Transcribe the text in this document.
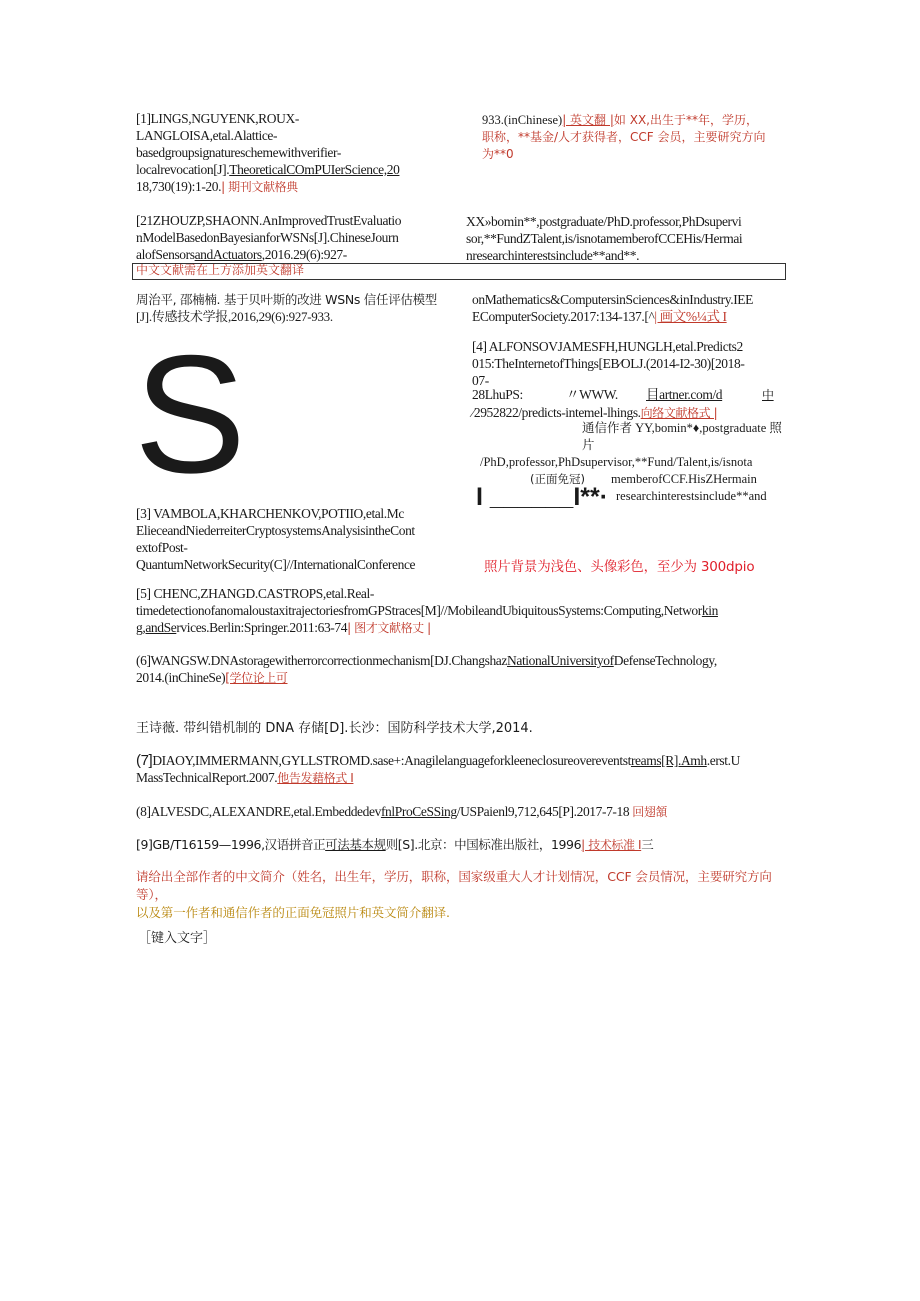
[1]LINGS,NGUYENK,ROUX-
LANGLOISA,etal.Alattice-
basedgroupsignatureschemewithverifier-
localrevocation[J].TheoreticalCOmPUIerScience,20
18,730(19):1-20.| 期刊文献格典
[21ZHOUZP,SHAONN.AnImprovedTrustEvaluatio
nModelBasedonBayesianforWSNs[J].ChineseJourn
alofSensorsandActuators,2016.29(6):927-
中文文献需在上方添加英文翻译
周治平, 邵楠楠. 基于贝叶斯的改进 WSNs 信任评估模型
[J].传感技术学报,2016,29(6):927-933.
S
[3] VAMBOLA,KHARCHENKOV,POTIIO,etal.Mc
ElieceandNiederreiterCryptosystemsAnalysisintheCont
extofPost-
QuantumNetworkSecurity(C]//InternationalConference
933.(inChinese)| 英文翻 |如 XX,出生于**年，学历，
职称，**基金/人才获得者，CCF 会员，主要研究方向
为**0
XX»bomin**,postgraduate/PhD.professor,PhDsupervi
sor,**FundZTalent,is/isnotamemberofCCEHis/Hermai
nresearchinterestsinclude**and**.
onMathematics&ComputersinSciences&inIndustry.IEE
EComputerSociety.2017:134-137.[^| 画文%¼式 I
[4] ALFONSOVJAMESFH,HUNGLH,etal.Predicts2
015:TheInternetofThings[EB∕OLJ.(2014-I2-30)[2018-
07-
28LhuPS:	〃WWW. 目artner.com/d	中
∕2952822/predicts-intemel-lhings.向络文献格式 |
通信作者 YY,bomin*♦,postgraduate 照片
/PhD,professor,PhDsupervisor,**Fund/Talent,is/isnota
(正面免冠) memberofCCF.HisZHermain
researchinterestsinclude**and
I ______I**·
照片背景为浅色、头像彩色，至少为 300dpio
[5] CHENC,ZHANGD.CASTROPS,etal.Real-
timedetectionofanomaloustaxitrajectoriesfromGPStraces[M]//MobileandUbiquitousSystems:Computing,Networkin
g,andServices.Berlin:Springer.2011:63-74| 图才文献格丈 |
(6]WANGSW.DNAstoragewitherrorcorrectionmechanism[DJ.ChangshazNationalUniversityofDefenseTechnology,
2014.(inChineSe)[学位论上可
王诗薇. 带纠错机制的 DNA 存储[D].长沙：国防科学技术大学,2014.
(7]DIAOY,IMMERMANN,GYLLSTROMD.sase+:Anagilelanguageforkleeneclosureovereventstreams[R].Amh.erst.U
MassTechnicalReport.2007.他告发藉格式 I
(8]ALVESDC,ALEXANDRE,etal.EmbeddedevfnlProCeSSing/USPaienl9,712,645[P].2017-7-18 回翅頷
[9]GB/T16159—1996,汉语拼音正可法基本规则[S].北京：中国标准出版社，1996| 技术标准 I三
请给出全部作者的中文简介（姓名，出生年，学历，职称，国家级重大人才计划情况，CCF 会员情况，主要研究方向等），
以及第一作者和通信作者的正面免冠照片和英文简介翻译.
［键入文字］
